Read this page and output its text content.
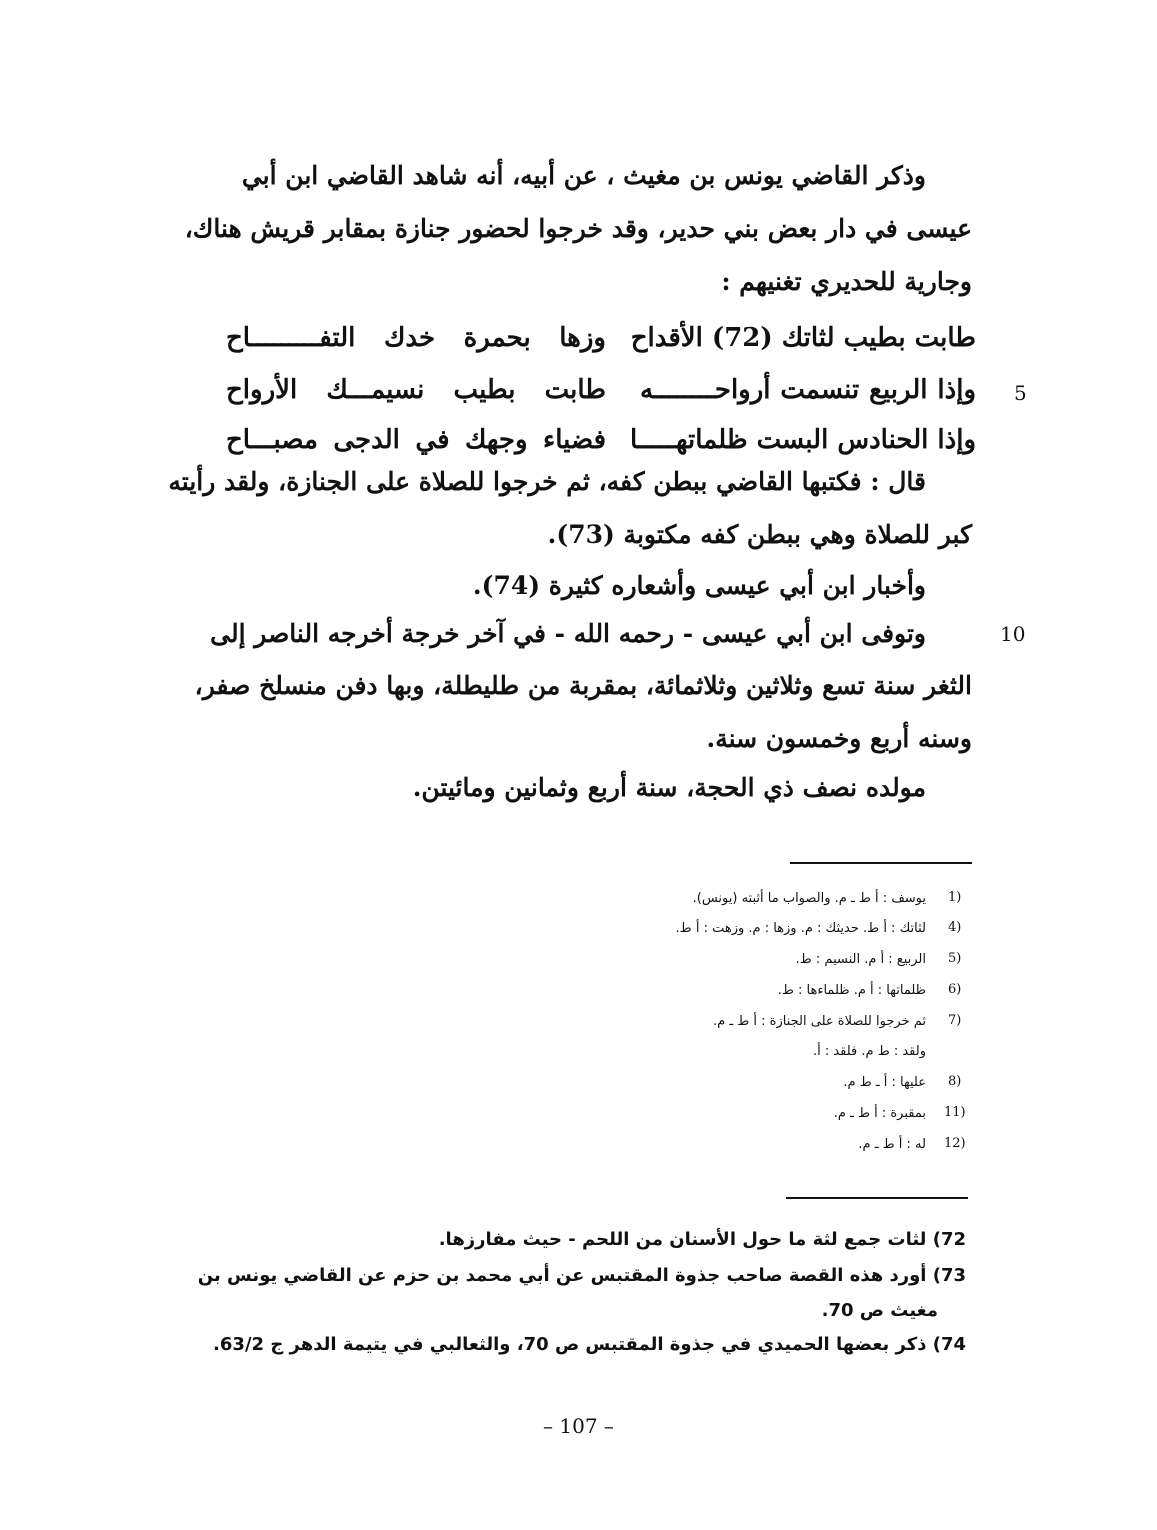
وذكر القاضي يونس بن مغيث ، عن أبيه، أنه شاهد القاضي ابن أبي
عيسى في دار بعض بني حدير، وقد خرجوا لحضور جنازة بمقابر قريش هناك،
وجارية للحديري تغنيهم :
طابت بطيب لثاتك (72) الأقداح
وزها بحمرة خدك التفـــــــــاح
وإذا الربيع تنسمت أرواحــــــــه
طابت بطيب نسيمـــك الأرواح
وإذا الحنادس البست ظلماتهـــــا
فضياء وجهك في الدجى مصبـــاح
5
قال : فكتبها القاضي ببطن كفه، ثم خرجوا للصلاة على الجنازة، ولقد رأيته
كبر للصلاة وهي ببطن كفه مكتوبة (73).
وأخبار ابن أبي عيسى وأشعاره كثيرة (74).
وتوفى ابن أبي عيسى - رحمه الله - في آخر خرجة أخرجه الناصر إلى
الثغر سنة تسع وثلاثين وثلاثمائة، بمقربة من طليطلة، وبها دفن منسلخ صفر،
وسنه أربع وخمسون سنة.
10
مولده نصف ذي الحجة، سنة أربع وثمانين ومائيتن.
يوسف : أ ط ـ م. والصواب ما أثبته (يونس). 1)
لثاتك : أ ط. حديثك : م. وزها : م. وزهت : أ ط. 4)
الربيع : أ م. النسيم : ط. 5)
ظلماتها : أ م. ظلماءها : ط. 6)
ثم خرجوا للصلاة على الجنازة : أ ط ـ م. 7)
ولقد : ط م. فلقد : أ.
عليها : أ ـ ط م. 8)
بمقبرة : أ ط ـ م. 11)
له : أ ط ـ م. 12)
72) لثات جمع لثة ما حول الأسنان من اللحم - حيث مفارزها.
73) أورد هذه القصة صاحب جذوة المقتبس عن أبي محمد بن حزم عن القاضي يونس بن
مغيث ص 70.
74) ذكر بعضها الحميدي في جذوة المقتبس ص 70، والثعالبي في يتيمة الدهر ج 63/2.
– 107 –
